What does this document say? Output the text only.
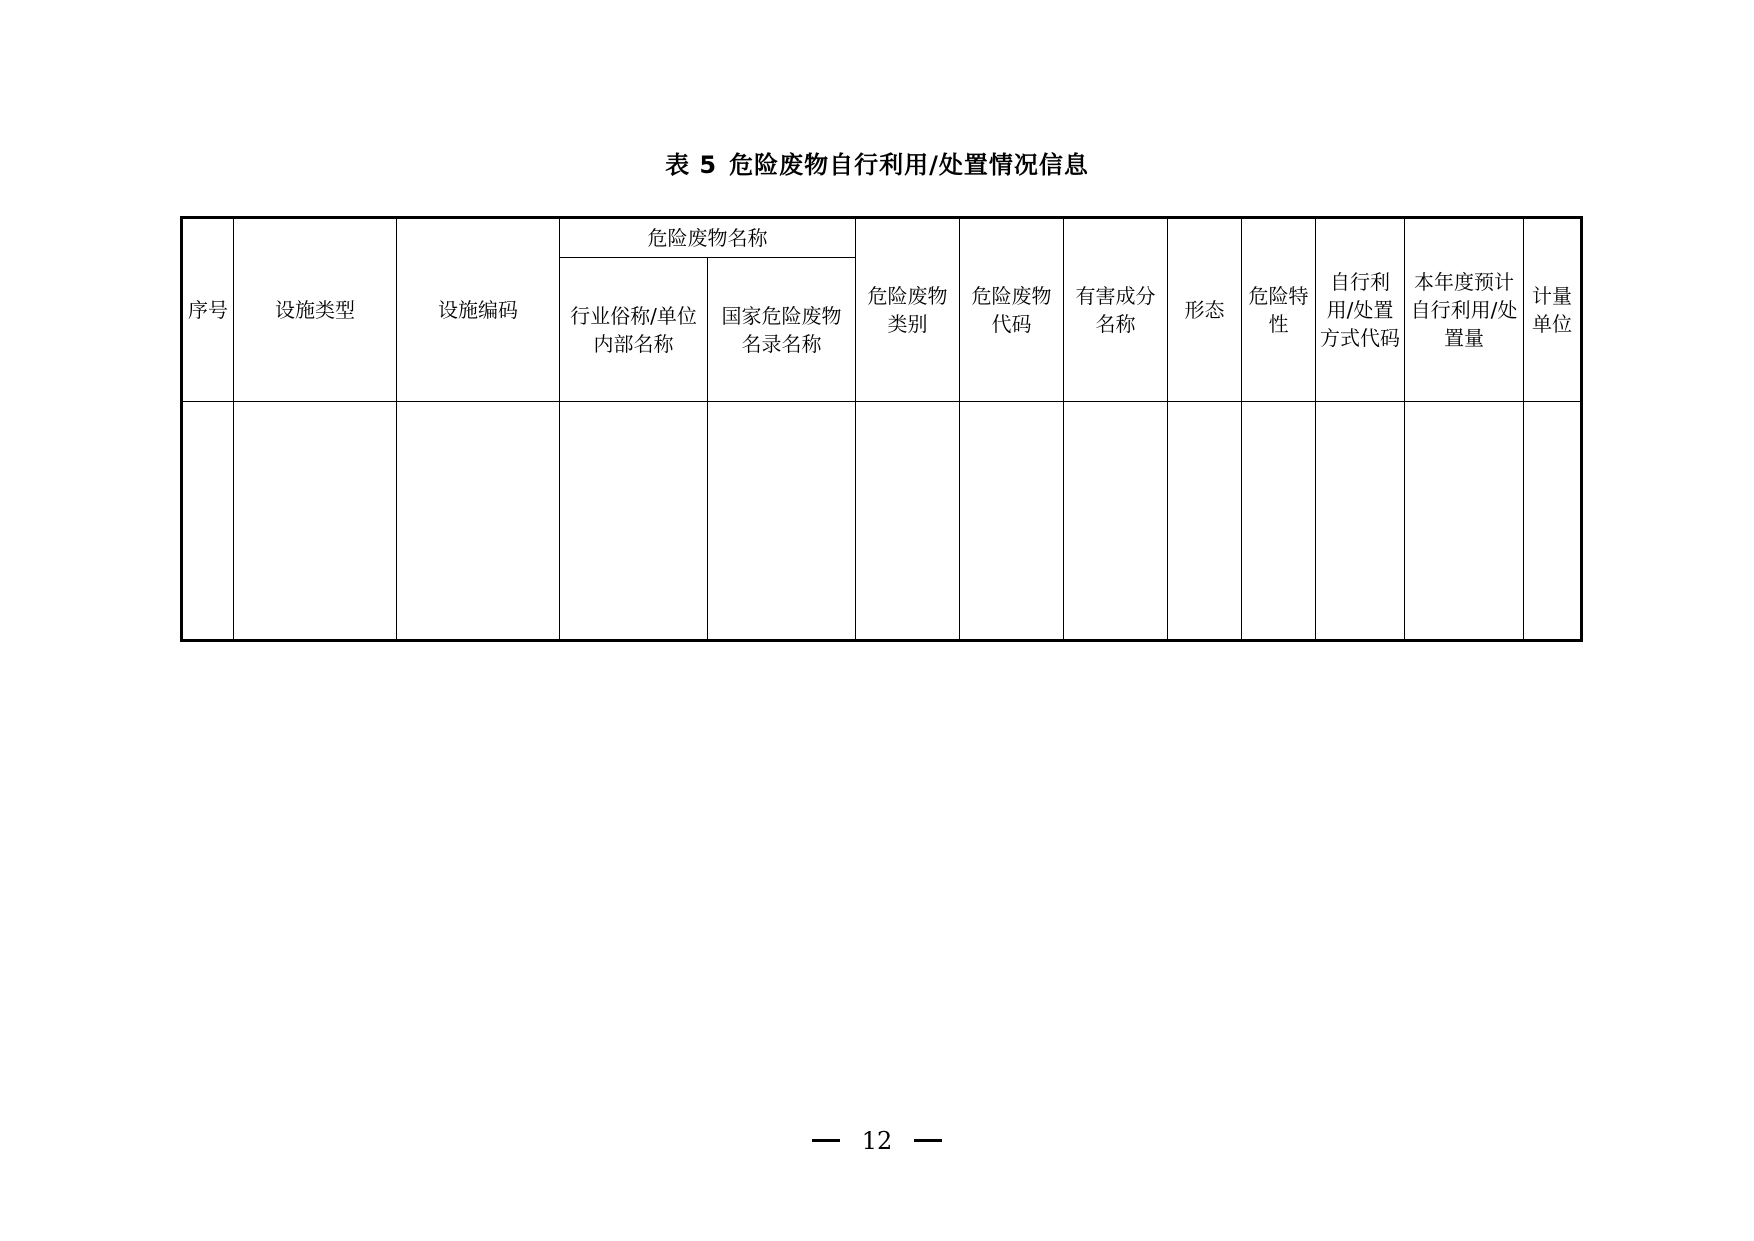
表 5 危险废物自行利用/处置情况信息
序号	设施类型	设施编码	危险废物名称		危险废物类别	危险废物代码	有害成分名称	形态	危险特性	自行利用/处置方式代码	本年度预计自行利用/处置量	计量单位
			行业俗称/单位内部名称	国家危险废物名录名称								

12
